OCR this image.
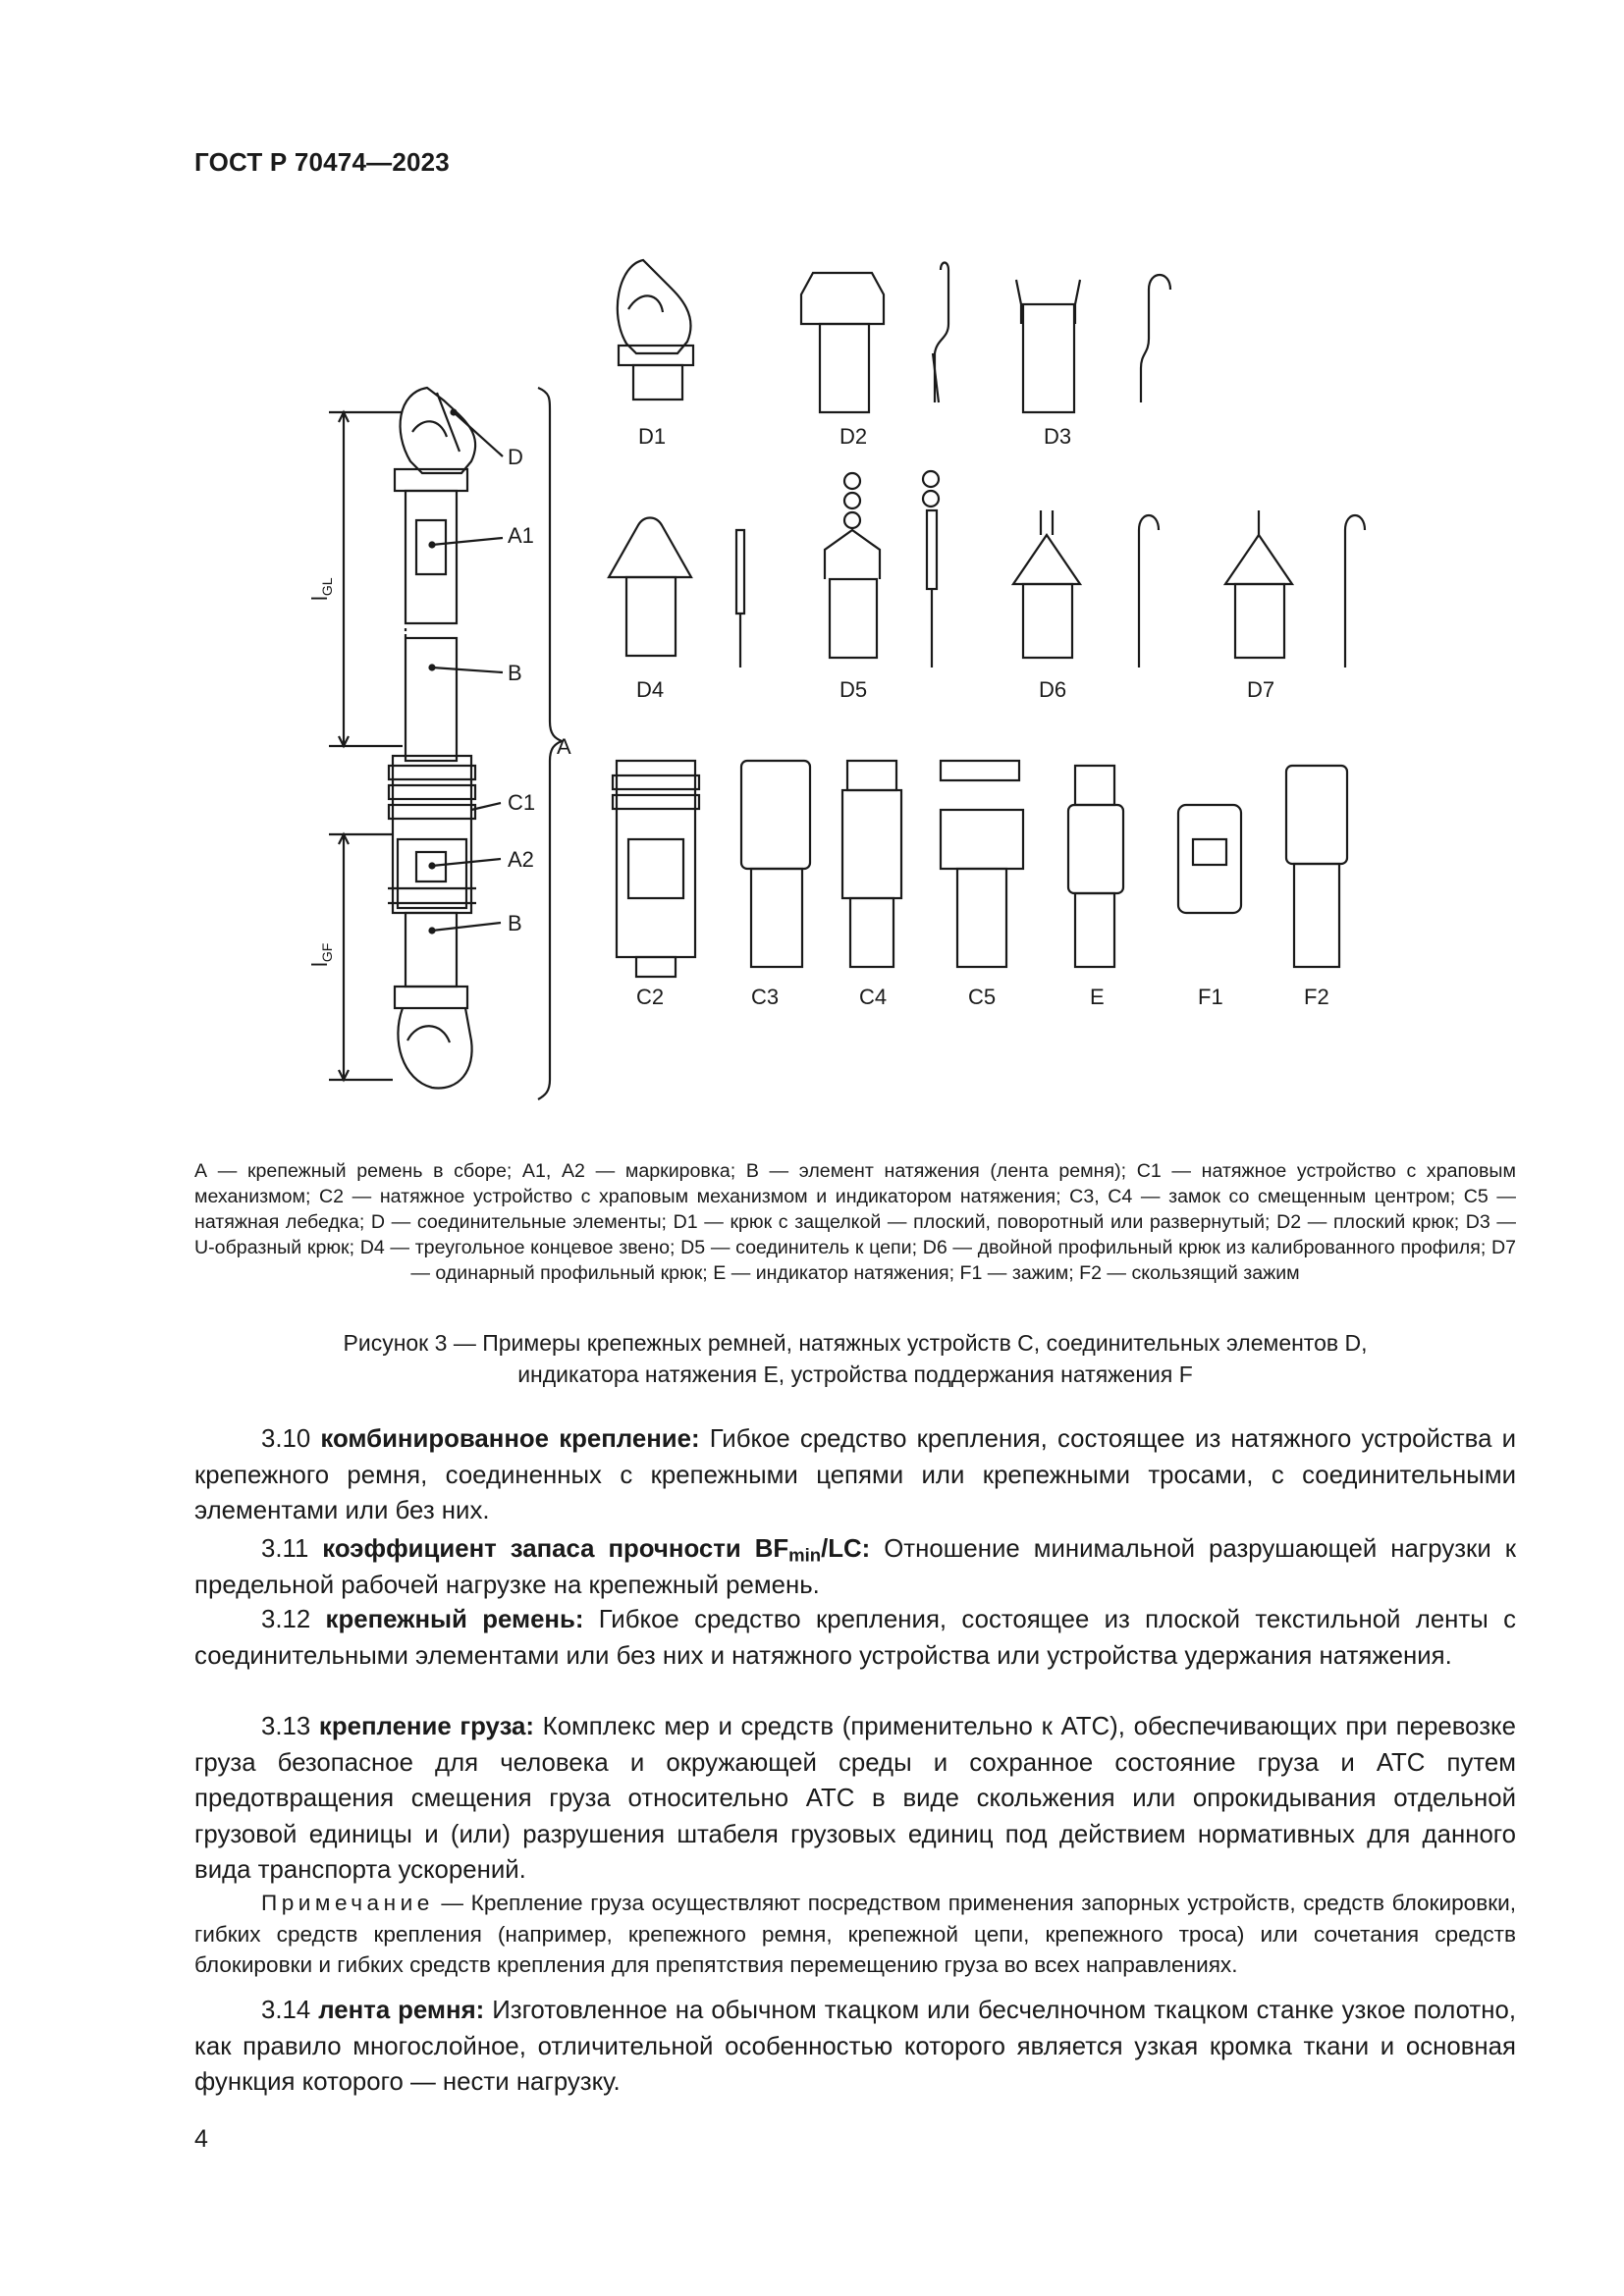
ГОСТ Р 70474—2023
D
A1
B
A
C1
A2
B
$l_{GL}$
$l_{GF}$
D1	D2	D3
D4	D5	D6	D7
C2	C3	C4	C5	E	F1	F2
А — крепежный ремень в сборе; А1, А2 — маркировка; В — элемент натяжения (лента ремня); С1 — натяжное устройство с храповым механизмом; С2 — натяжное устройство с храповым механизмом и индикатором натяжения; С3, С4 — замок со смещенным центром; С5 — натяжная лебедка; D — соединительные элементы; D1 — крюк с защелкой — плоский, поворотный или развернутый; D2 — плоский крюк; D3 — U-образный крюк; D4 — треугольное концевое звено; D5 — соединитель к цепи; D6 — двойной профильный крюк из калиброванного профиля; D7 — одинарный профильный крюк; Е — индикатор натяжения; F1 — зажим; F2 — скользящий зажим
Рисунок 3 — Примеры крепежных ремней, натяжных устройств С, соединительных элементов D,
индикатора натяжения Е, устройства поддержания натяжения F
3.10 комбинированное крепление: Гибкое средство крепления, состоящее из натяжного устройства и крепежного ремня, соединенных с крепежными цепями или крепежными тросами, с соединительными элементами или без них.
3.11 коэффициент запаса прочности $BF_{min}/LC$: Отношение минимальной разрушающей нагрузки к предельной рабочей нагрузке на крепежный ремень.
3.12 крепежный ремень: Гибкое средство крепления, состоящее из плоской текстильной ленты с соединительными элементами или без них и натяжного устройства или устройства удержания натяжения.
3.13 крепление груза: Комплекс мер и средств (применительно к АТС), обеспечивающих при перевозке груза безопасное для человека и окружающей среды и сохранное состояние груза и АТС путем предотвращения смещения груза относительно АТС в виде скольжения или опрокидывания отдельной грузовой единицы и (или) разрушения штабеля грузовых единиц под действием нормативных для данного вида транспорта ускорений.
Примечание — Крепление груза осуществляют посредством применения запорных устройств, средств блокировки, гибких средств крепления (например, крепежного ремня, крепежной цепи, крепежного троса) или сочетания средств блокировки и гибких средств крепления для препятствия перемещению груза во всех направлениях.
3.14 лента ремня: Изготовленное на обычном ткацком или бесчелночном ткацком станке узкое полотно, как правило многослойное, отличительной особенностью которого является узкая кромка ткани и основная функция которого — нести нагрузку.
4
